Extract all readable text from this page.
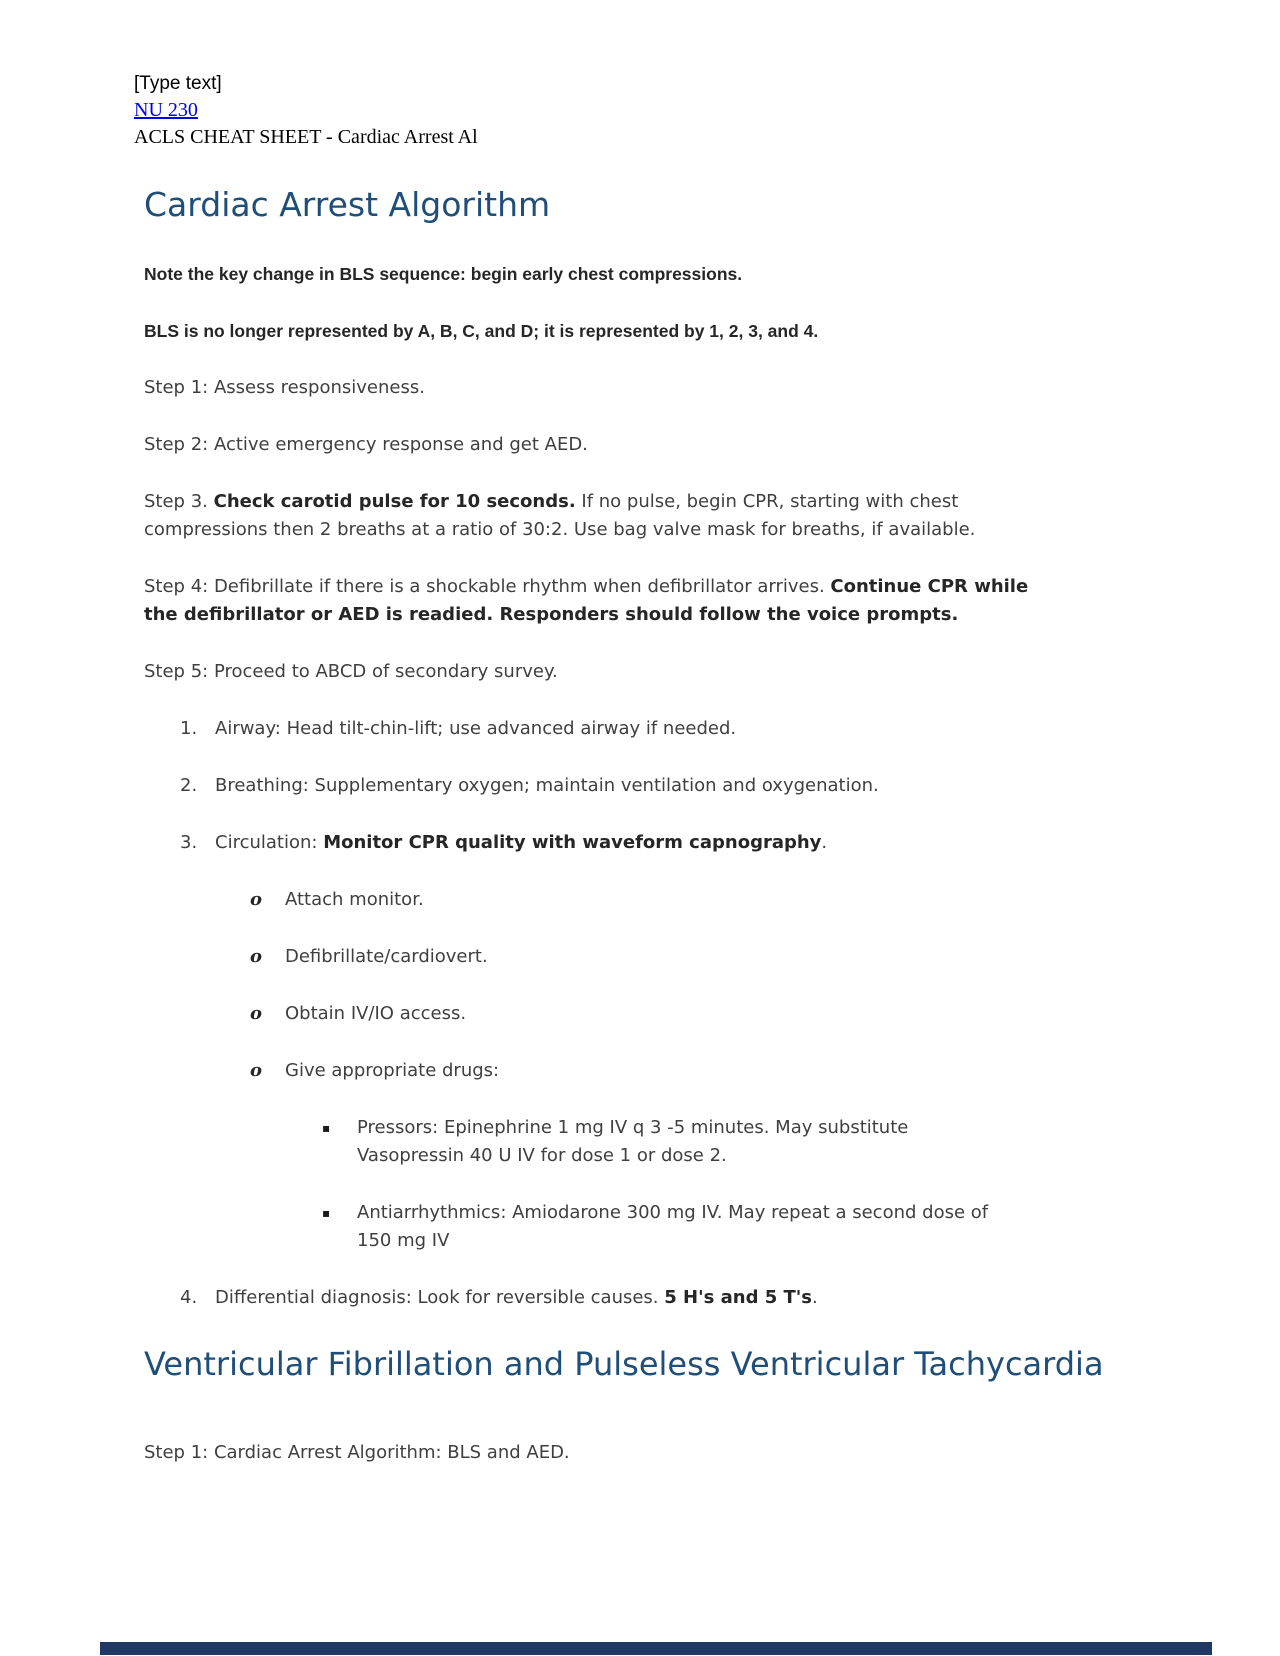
[Type text]
NU 230
ACLS CHEAT SHEET - Cardiac Arrest Al
Cardiac Arrest Algorithm

Note the key change in BLS sequence: begin early chest compressions.

BLS is no longer represented by A, B, C, and D; it is represented by 1, 2, 3, and 4.

Step 1: Assess responsiveness.

Step 2: Active emergency response and get AED.

Step 3. Check carotid pulse for 10 seconds. If no pulse, begin CPR, starting with chest compressions then 2 breaths at a ratio of 30:2. Use bag valve mask for breaths, if available.

Step 4: Defibrillate if there is a shockable rhythm when defibrillator arrives. Continue CPR while the defibrillator or AED is readied. Responders should follow the voice prompts.

Step 5: Proceed to ABCD of secondary survey.

1. Airway: Head tilt-chin-lift; use advanced airway if needed.
2. Breathing: Supplementary oxygen; maintain ventilation and oxygenation.
3. Circulation: Monitor CPR quality with waveform capnography.
o	Attach monitor.
o	Defibrillate/cardiovert.
o	Obtain IV/IO access.
o	Give appropriate drugs:
▪	Pressors: Epinephrine 1 mg IV q 3 -5 minutes. May substitute Vasopressin 40 U IV for dose 1 or dose 2.
▪	Antiarrhythmics: Amiodarone 300 mg IV. May repeat a second dose of 150 mg IV
4. Differential diagnosis: Look for reversible causes. 5 H's and 5 T's.
Ventricular Fibrillation and Pulseless Ventricular Tachycardia

Step 1: Cardiac Arrest Algorithm: BLS and AED.
